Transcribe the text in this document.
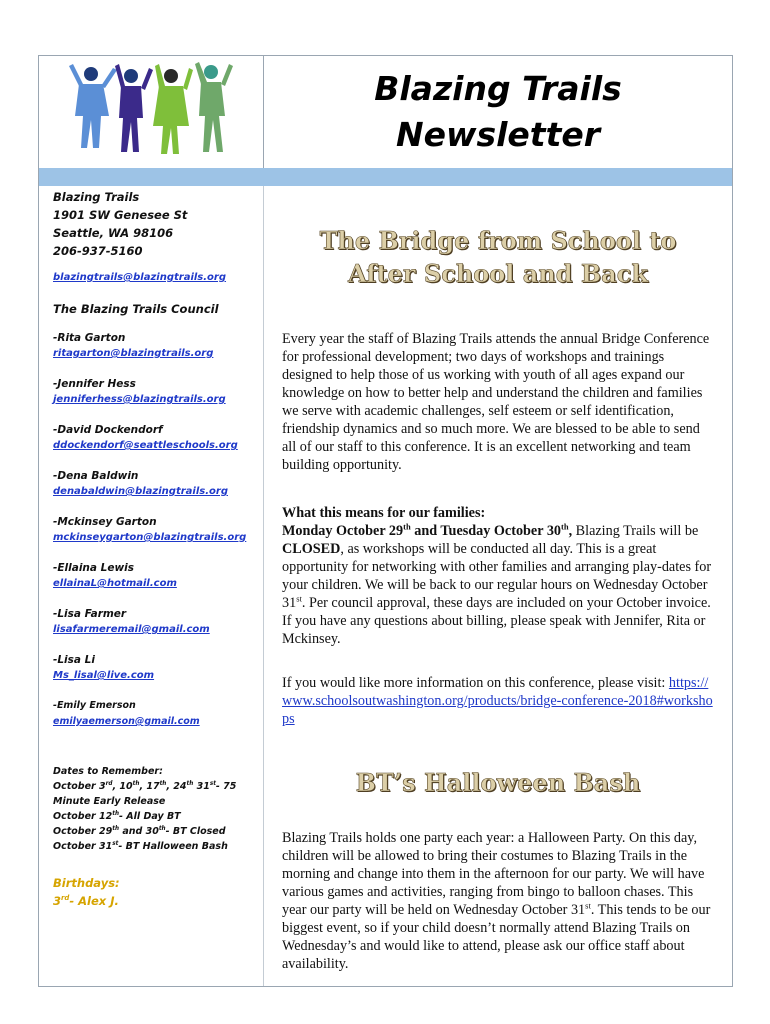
Blazing Trails
Newsletter
Blazing Trails
1901 SW Genesee St
Seattle, WA 98106
206-937-5160
blazingtrails@blazingtrails.org
The Blazing Trails Council
-Rita Garton
ritagarton@blazingtrails.org
-Jennifer Hess
jenniferhess@blazingtrails.org
-David Dockendorf
ddockendorf@seattleschools.org
-Dena Baldwin
denabaldwin@blazingtrails.org
-Mckinsey Garton
mckinseygarton@blazingtrails.org
-Ellaina Lewis
ellainaL@hotmail.com
-Lisa Farmer
lisafarmeremail@gmail.com
-Lisa Li
Ms_lisal@live.com
-Emily Emerson
emilyaemerson@gmail.com
Dates to Remember:
October 3rd, 10th, 17th, 24th 31st- 75
Minute Early Release
October 12th- All Day BT
October 29th and 30th- BT Closed
October 31st- BT Halloween Bash
Birthdays:
3rd- Alex J.
The Bridge from School to
After School and Back

Every year the staff of Blazing Trails attends the annual Bridge Conference for professional development; two days of workshops and trainings designed to help those of us working with youth of all ages expand our knowledge on how to better help and understand the children and families we serve with academic challenges, self esteem or self identification, friendship dynamics and so much more. We are blessed to be able to send all of our staff to this conference. It is an excellent networking and team building opportunity.

What this means for our families:
Monday October 29th and Tuesday October 30th, Blazing Trails will be CLOSED, as workshops will be conducted all day. This is a great opportunity for networking with other families and arranging play-dates for your children. We will be back to our regular hours on Wednesday October 31st. Per council approval, these days are included on your October invoice. If you have any questions about billing, please speak with Jennifer, Rita or Mckinsey.

If you would like more information on this conference, please visit: https://www.schoolsoutwashington.org/products/bridge-conference-2018#workshops

BT’s Halloween Bash

Blazing Trails holds one party each year: a Halloween Party. On this day, children will be allowed to bring their costumes to Blazing Trails in the morning and change into them in the afternoon for our party. We will have various games and activities, ranging from bingo to balloon chases. This year our party will be held on Wednesday October 31st. This tends to be our biggest event, so if your child doesn’t normally attend Blazing Trails on Wednesday’s and would like to attend, please ask our office staff about availability.
